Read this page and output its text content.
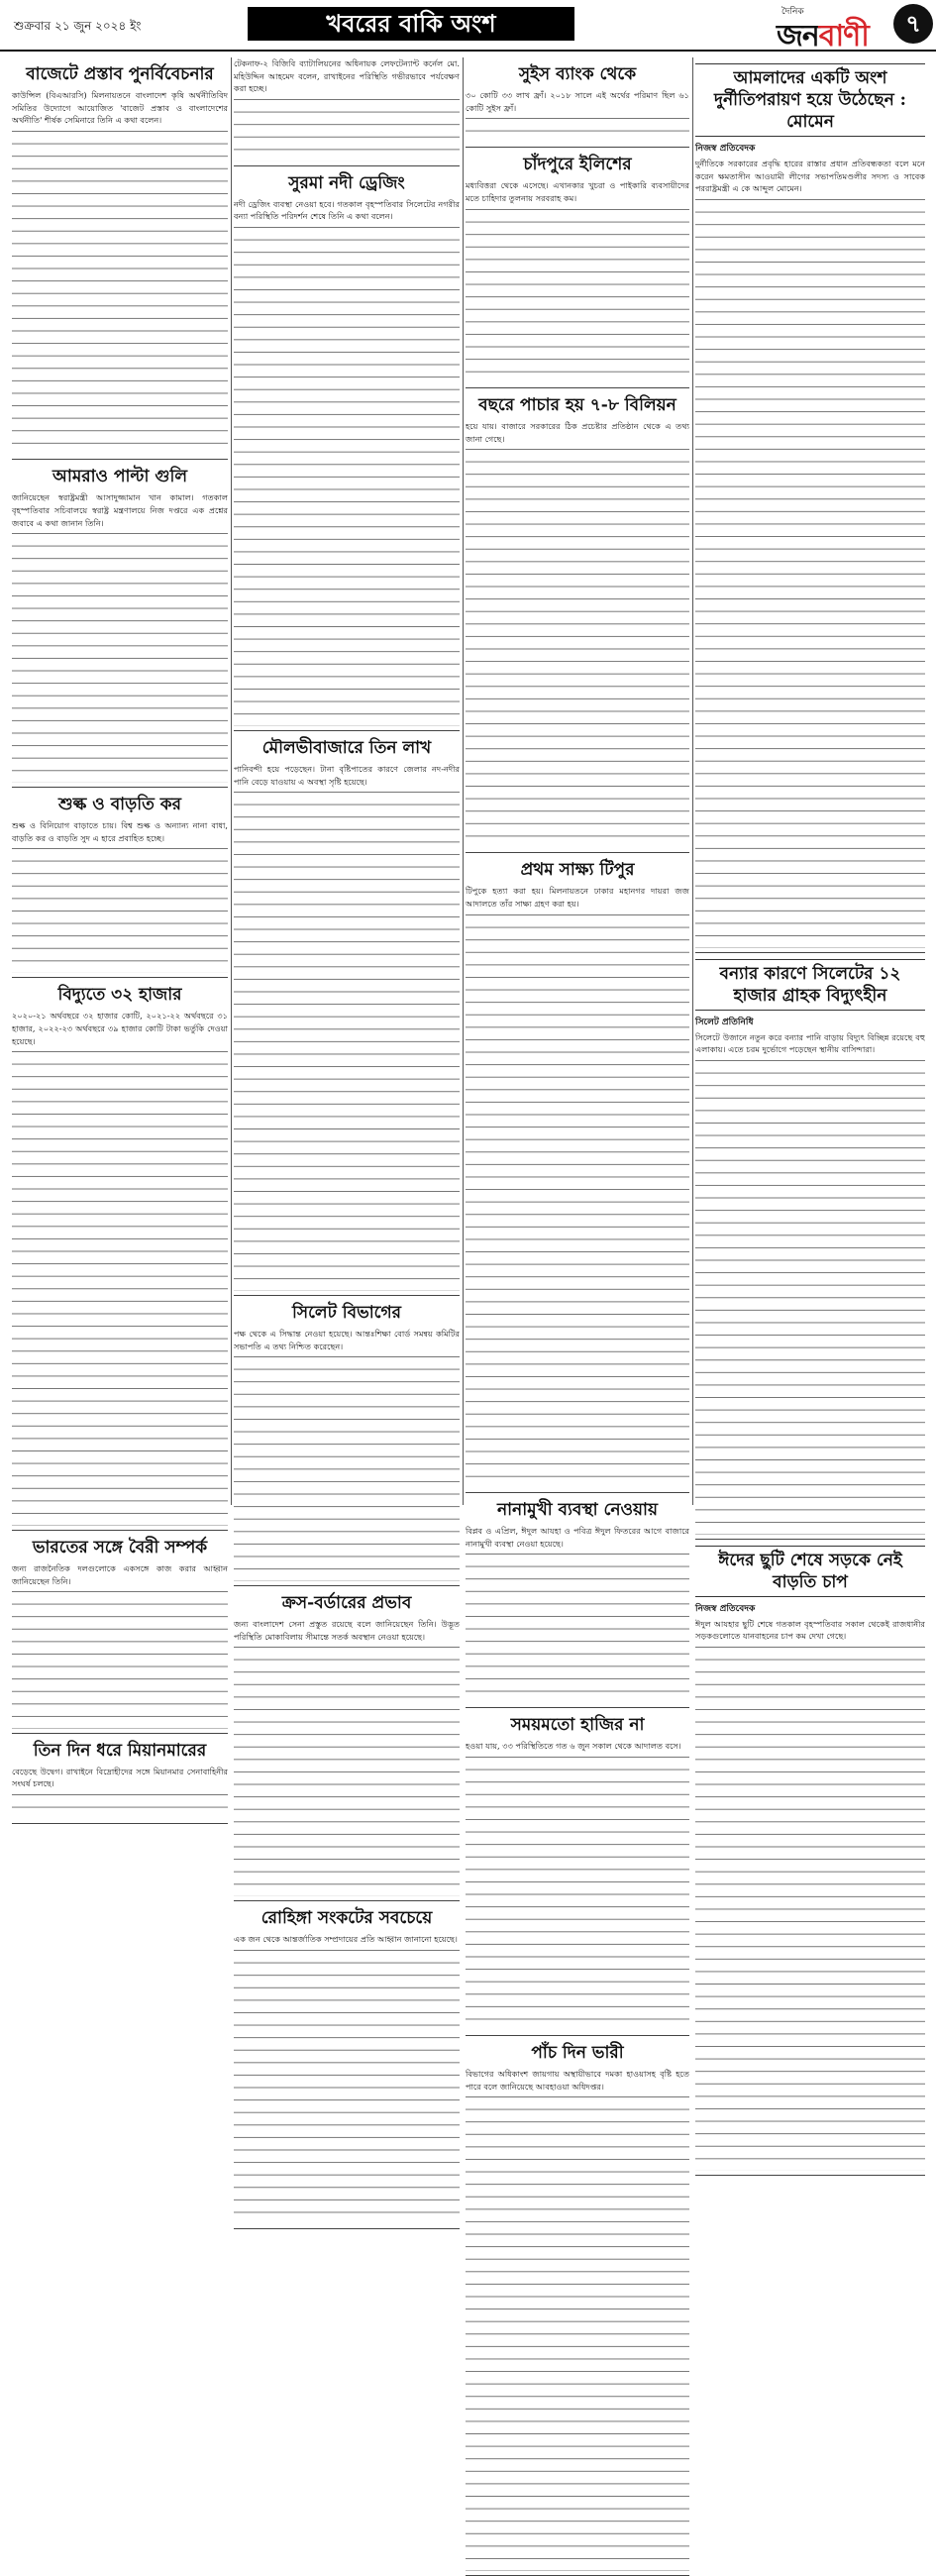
শুক্রবার ২১ জুন ২০২৪ ইং	খবরের বাকি অংশ	দৈনিক
জনবাণী	৭
বাজেটে প্রস্তাব পুনর্বিবেচনার

কাউন্সিল (বিএআরসি) মিলনায়তনে বাংলাদেশ কৃষি অর্থনীতিবিদ সমিতির উদ্যোগে আয়োজিত 'বাজেট প্রস্তাব ও বাংলাদেশের অর্থনীতি' শীর্ষক সেমিনারে তিনি এ কথা বলেন।

আমরাও পাল্টা গুলি

জানিয়েছেন স্বরাষ্ট্রমন্ত্রী আসাদুজ্জামান খান কামাল। গতকাল বৃহস্পতিবার সচিবালয়ে স্বরাষ্ট্র মন্ত্রণালয়ে নিজ দপ্তরে এক প্রশ্নের জবাবে এ কথা জানান তিনি।

শুল্ক ও বাড়তি কর

শুল্ক ও বিনিয়োগ বাড়াতে চায়। বিশ্ব শুল্ক ও অন্যান্য নানা বাধা, বাড়তি কর ও বাড়তি সুদ এ হারে প্রবাহিত হচ্ছে।

বিদ্যুতে ৩২ হাজার

২০২০-২১ অর্থবছরে ৩২ হাজার কোটি, ২০২১-২২ অর্থবছরে ৩১ হাজার, ২০২২-২৩ অর্থবছরে ৩৯ হাজার কোটি টাকা ভর্তুকি দেওয়া হয়েছে।

ভারতের সঙ্গে বৈরী সম্পর্ক

জন্য রাজনৈতিক দলগুলোকে একসঙ্গে কাজ করার আহ্বান জানিয়েছেন তিনি।

তিন দিন ধরে মিয়ানমারের

বেড়েছে উদ্বেগ। রাখাইনে বিদ্রোহীদের সঙ্গে মিয়ানমার সেনাবাহিনীর সংঘর্ষ চলছে।

টেকনাফ-২ বিজিবি ব্যাটালিয়নের অধিনায়ক লেফটেন্যান্ট কর্নেল মো. মহিউদ্দিন আহমেদ বলেন, রাখাইনের পরিস্থিতি গভীরভাবে পর্যবেক্ষণ করা হচ্ছে।

সুরমা নদী ড্রেজিং

নদী ড্রেজিং ব্যবস্থা নেওয়া হবে। গতকাল বৃহস্পতিবার সিলেটের নগরীর বন্যা পরিস্থিতি পরিদর্শন শেষে তিনি এ কথা বলেন।

মৌলভীবাজারে তিন লাখ

পানিবন্দী হয়ে পড়েছেন। টানা বৃষ্টিপাতের কারণে জেলার নদ-নদীর পানি বেড়ে যাওয়ায় এ অবস্থা সৃষ্টি হয়েছে।

সিলেট বিভাগের

পক্ষ থেকে এ সিদ্ধান্ত নেওয়া হয়েছে। আন্তঃশিক্ষা বোর্ড সমন্বয় কমিটির সভাপতি এ তথ্য নিশ্চিত করেছেন।

ক্রস-বর্ডারের প্রভাব

জন্য বাংলাদেশ সেনা প্রস্তুত রয়েছে বলে জানিয়েছেন তিনি। উদ্ভূত পরিস্থিতি মোকাবিলায় সীমান্তে সতর্ক অবস্থান নেওয়া হয়েছে।

রোহিঙ্গা সংকটের সবচেয়ে

এক জন থেকে আন্তর্জাতিক সম্প্রদায়ের প্রতি আহ্বান জানানো হয়েছে।

সুইস ব্যাংক থেকে

৩০ কোটি ৩৩ লাখ ফ্রাঁ। ২০১৮ সালে এই অর্থের পরিমাণ ছিল ৬১ কোটি সুইস ফ্রাঁ।

চাঁদপুরে ইলিশের

মধ্যবিত্তরা থেকে এসেছে। এখানকার খুচরা ও পাইকারি ব্যবসায়ীদের মতে চাহিদার তুলনায় সরবরাহ কম।

বছরে পাচার হয় ৭-৮ বিলিয়ন

হয়ে যায়। বাজারে সরকারের ঠিক প্রচেষ্টার প্রতিষ্ঠান থেকে এ তথ্য জানা গেছে।

প্রথম সাক্ষ্য টিপুর

টিপুকে হত্যা করা হয়। মিলনায়তনে ঢাকার মহানগর দায়রা জজ আদালতে তাঁর সাক্ষ্য গ্রহণ করা হয়।

নানামুখী ব্যবস্থা নেওয়ায়

বিপ্লব ও এপ্রিল, ঈদুল আযহা ও পবিত্র ঈদুল ফিতরের আগে বাজারে নানামুখী ব্যবস্থা নেওয়া হয়েছে।

সময়মতো হাজির না

হওয়া যায়, ৩৩ পরিস্থিতিতে গত ৬ জুন সকাল থেকে আদালত বসে।

পাঁচ দিন ভারী

বিভাগের অধিকাংশ জায়গায় অস্থায়ীভাবে দমকা হাওয়াসহ বৃষ্টি হতে পারে বলে জানিয়েছে আবহাওয়া অধিদপ্তর।

আমলাদের একটি অংশ দুর্নীতিপরায়ণ হয়ে উঠেছেন : মোমেন
নিজস্ব প্রতিবেদক

দুর্নীতিকে সরকারের প্রবৃদ্ধি হারের রাস্তার প্রধান প্রতিবন্ধকতা বলে মনে করেন ক্ষমতাসীন আওয়ামী লীগের সভাপতিমণ্ডলীর সদস্য ও সাবেক পররাষ্ট্রমন্ত্রী এ কে আব্দুল মোমেন।

বন্যার কারণে সিলেটের ১২ হাজার গ্রাহক বিদ্যুৎহীন
সিলেট প্রতিনিধি

সিলেটে উজানে নতুন করে বন্যার পানি বাড়ায় বিদ্যুৎ বিচ্ছিন্ন রয়েছে বহু এলাকায়। এতে চরম দুর্ভোগে পড়েছেন স্থানীয় বাসিন্দারা।

ঈদের ছুটি শেষে সড়কে নেই বাড়তি চাপ
নিজস্ব প্রতিবেদক

ঈদুল আযহার ছুটি শেষে গতকাল বৃহস্পতিবার সকাল থেকেই রাজধানীর সড়কগুলোতে যানবাহনের চাপ কম দেখা গেছে।
